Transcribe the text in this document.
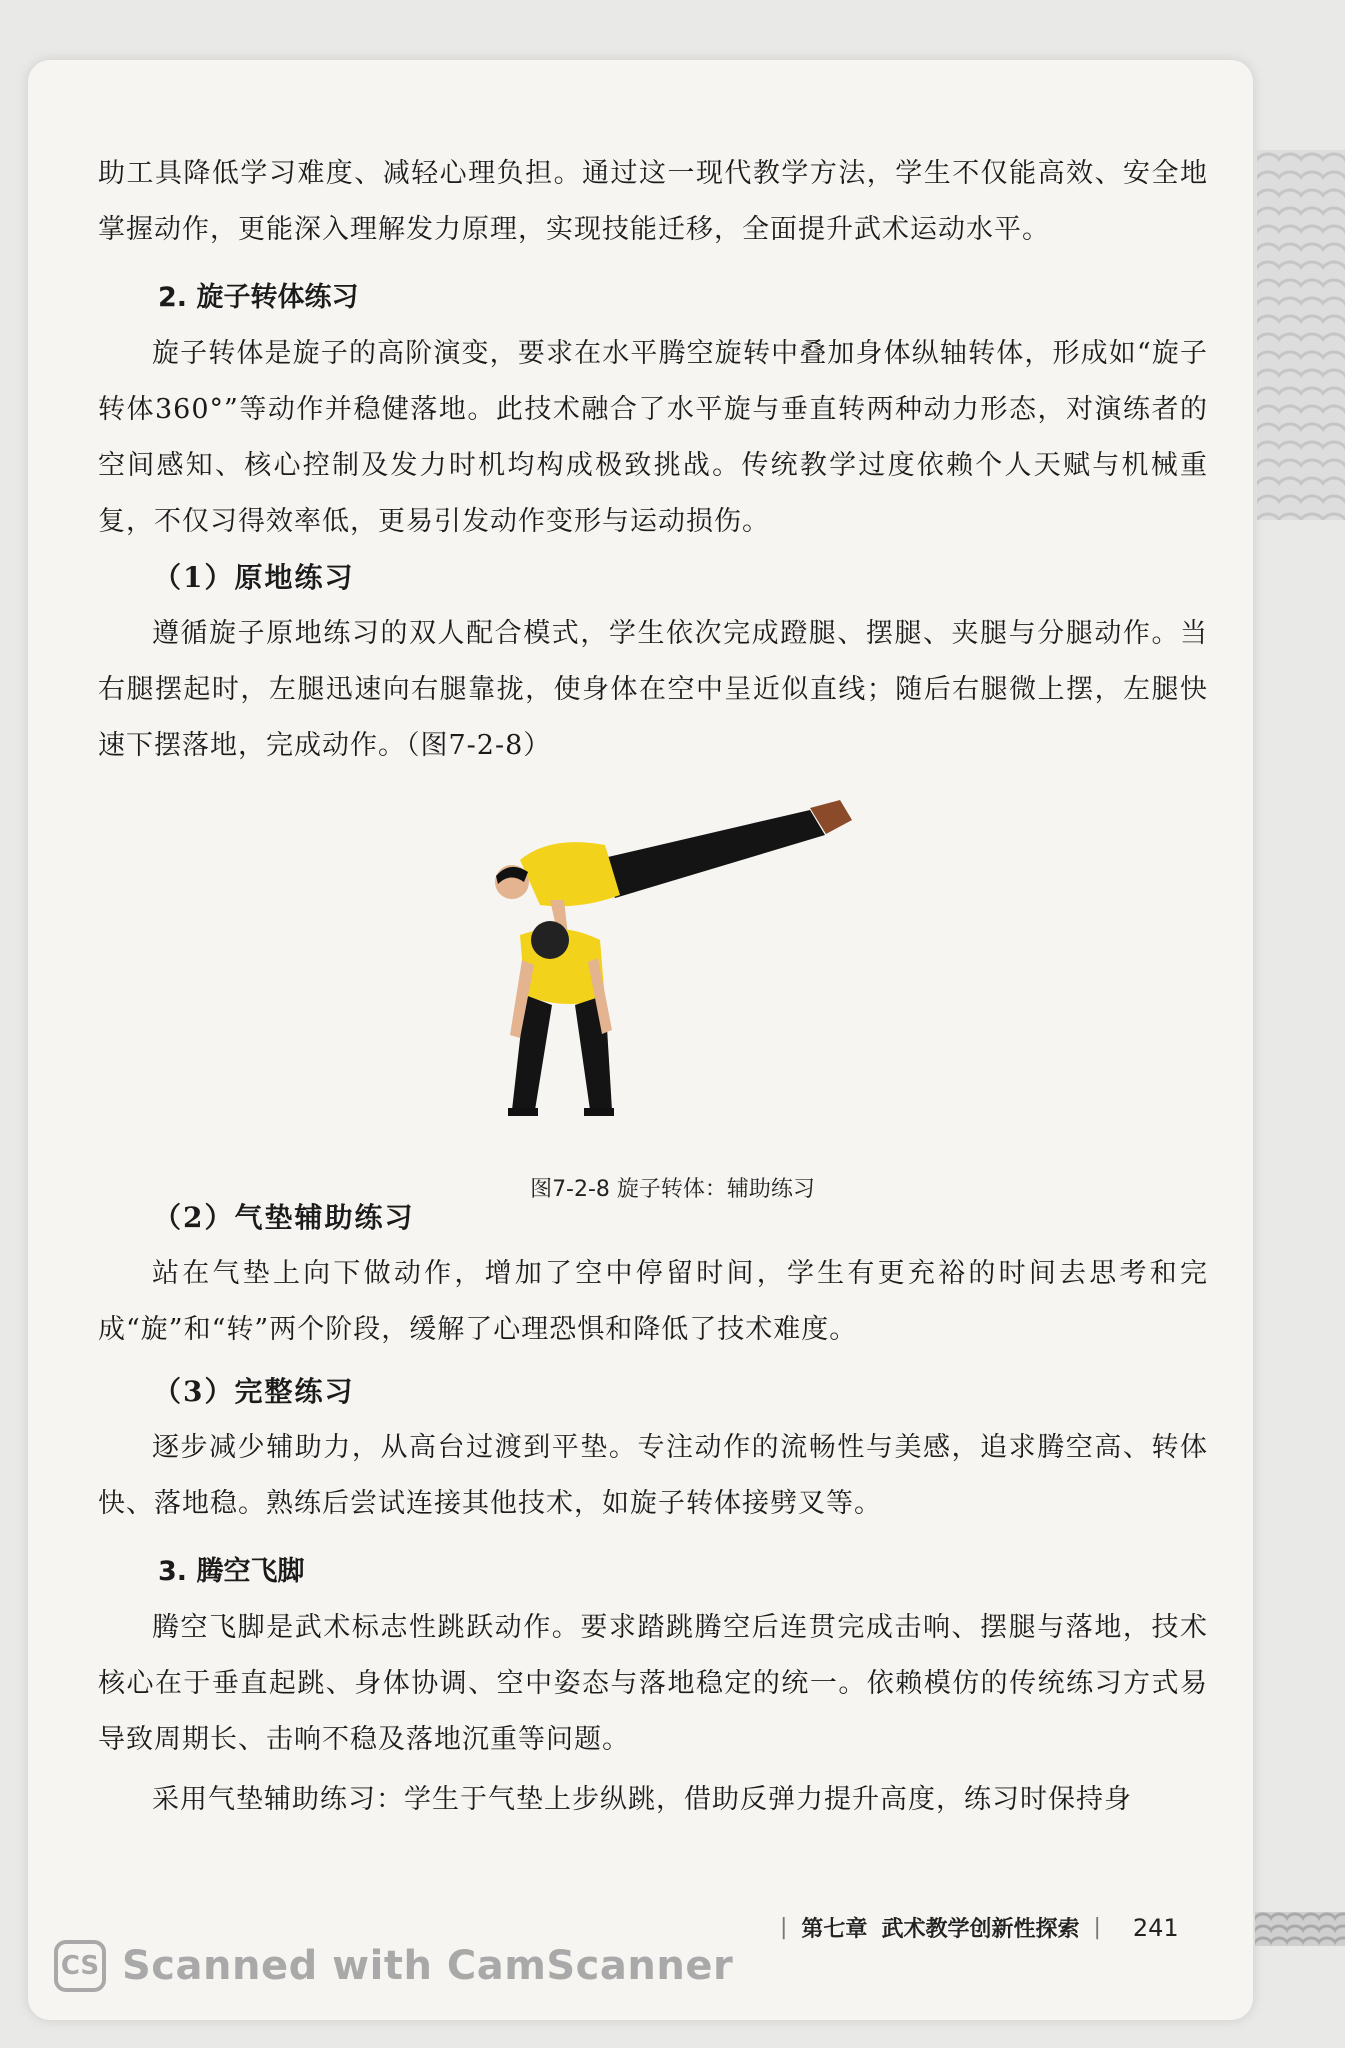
助工具降低学习难度、减轻心理负担。通过这一现代教学方法，学生不仅能高效、安全地掌握动作，更能深入理解发力原理，实现技能迁移，全面提升武术运动水平。

2. 旋子转体练习

旋子转体是旋子的高阶演变，要求在水平腾空旋转中叠加身体纵轴转体，形成如“旋子转体360°”等动作并稳健落地。此技术融合了水平旋与垂直转两种动力形态，对演练者的空间感知、核心控制及发力时机均构成极致挑战。传统教学过度依赖个人天赋与机械重复，不仅习得效率低，更易引发动作变形与运动损伤。

（1）原地练习

遵循旋子原地练习的双人配合模式，学生依次完成蹬腿、摆腿、夹腿与分腿动作。当右腿摆起时，左腿迅速向右腿靠拢，使身体在空中呈近似直线；随后右腿微上摆，左腿快速下摆落地，完成动作。（图7-2-8）

图7-2-8 旋子转体：辅助练习
（2）气垫辅助练习

站在气垫上向下做动作，增加了空中停留时间，学生有更充裕的时间去思考和完成“旋”和“转”两个阶段，缓解了心理恐惧和降低了技术难度。

（3）完整练习

逐步减少辅助力，从高台过渡到平垫。专注动作的流畅性与美感，追求腾空高、转体快、落地稳。熟练后尝试连接其他技术，如旋子转体接劈叉等。

3. 腾空飞脚

腾空飞脚是武术标志性跳跃动作。要求踏跳腾空后连贯完成击响、摆腿与落地，技术核心在于垂直起跳、身体协调、空中姿态与落地稳定的统一。依赖模仿的传统练习方式易导致周期长、击响不稳及落地沉重等问题。

采用气垫辅助练习：学生于气垫上步纵跳，借助反弹力提升高度，练习时保持身

| 第七章 武术教学创新性探索 | 241
CS Scanned with CamScanner
